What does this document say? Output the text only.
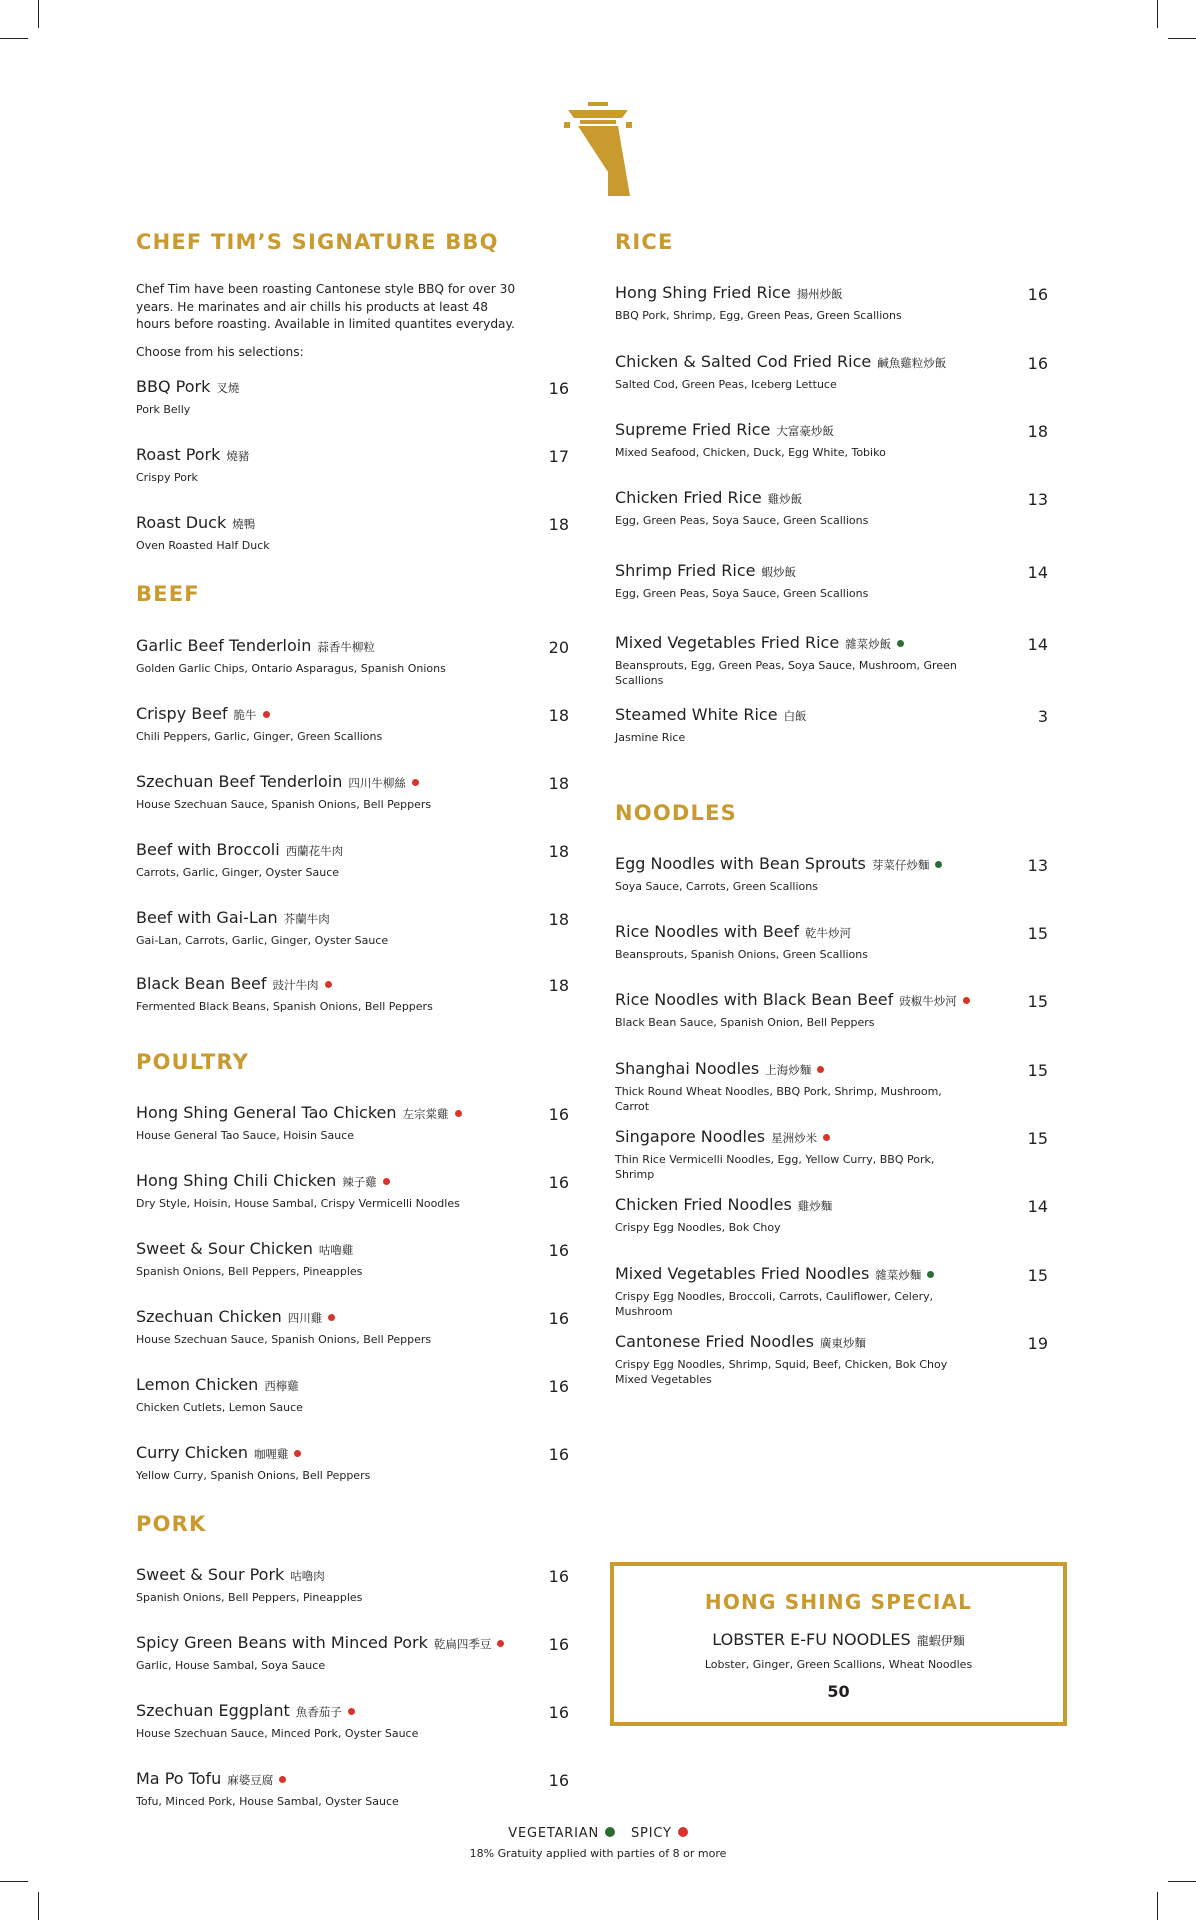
CHEF TIM’S SIGNATURE BBQ
Chef Tim have been roasting Cantonese style BBQ for over 30 years. He marinates and air chills his products at least 48 hours before roasting. Available in limited quantites everyday.
Choose from his selections:
BBQ Pork 叉燒	16
Pork Belly
Roast Pork 燒豬	17
Crispy Pork
Roast Duck 燒鴨	18
Oven Roasted Half Duck
BEEF
Garlic Beef Tenderloin 蒜香牛柳粒	20
Golden Garlic Chips, Ontario Asparagus, Spanish Onions
Crispy Beef 脆牛	18
Chili Peppers, Garlic, Ginger, Green Scallions
Szechuan Beef Tenderloin 四川牛柳絲	18
House Szechuan Sauce, Spanish Onions, Bell Peppers
Beef with Broccoli 西蘭花牛肉	18
Carrots, Garlic, Ginger, Oyster Sauce
Beef with Gai-Lan 芥蘭牛肉	18
Gai-Lan, Carrots, Garlic, Ginger, Oyster Sauce
Black Bean Beef 豉汁牛肉	18
Fermented Black Beans, Spanish Onions, Bell Peppers
POULTRY
Hong Shing General Tao Chicken 左宗棠雞	16
House General Tao Sauce, Hoisin Sauce
Hong Shing Chili Chicken 辣子雞	16
Dry Style, Hoisin, House Sambal, Crispy Vermicelli Noodles
Sweet & Sour Chicken 咕嚕雞	16
Spanish Onions, Bell Peppers, Pineapples
Szechuan Chicken 四川雞	16
House Szechuan Sauce, Spanish Onions, Bell Peppers
Lemon Chicken 西檸雞	16
Chicken Cutlets, Lemon Sauce
Curry Chicken 咖喱雞	16
Yellow Curry, Spanish Onions, Bell Peppers
PORK
Sweet & Sour Pork 咕嚕肉	16
Spanish Onions, Bell Peppers, Pineapples
Spicy Green Beans with Minced Pork 乾扁四季豆	16
Garlic, House Sambal, Soya Sauce
Szechuan Eggplant 魚香茄子	16
House Szechuan Sauce, Minced Pork, Oyster Sauce
Ma Po Tofu 麻婆豆腐	16
Tofu, Minced Pork, House Sambal, Oyster Sauce
RICE
Hong Shing Fried Rice 揚州炒飯	16
BBQ Pork, Shrimp, Egg, Green Peas, Green Scallions
Chicken & Salted Cod Fried Rice 鹹魚雞粒炒飯	16
Salted Cod, Green Peas, Iceberg Lettuce
Supreme Fried Rice 大富豪炒飯	18
Mixed Seafood, Chicken, Duck, Egg White, Tobiko
Chicken Fried Rice 雞炒飯	13
Egg, Green Peas, Soya Sauce, Green Scallions
Shrimp Fried Rice 蝦炒飯	14
Egg, Green Peas, Soya Sauce, Green Scallions
Mixed Vegetables Fried Rice 雜菜炒飯	14
Beansprouts, Egg, Green Peas, Soya Sauce, Mushroom, Green Scallions
Steamed White Rice 白飯	3
Jasmine Rice
NOODLES
Egg Noodles with Bean Sprouts 芽菜仔炒麵	13
Soya Sauce, Carrots, Green Scallions
Rice Noodles with Beef 乾牛炒河	15
Beansprouts, Spanish Onions, Green Scallions
Rice Noodles with Black Bean Beef 豉椒牛炒河	15
Black Bean Sauce, Spanish Onion, Bell Peppers
Shanghai Noodles 上海炒麵	15
Thick Round Wheat Noodles, BBQ Pork, Shrimp, Mushroom, Carrot
Singapore Noodles 星洲炒米	15
Thin Rice Vermicelli Noodles, Egg, Yellow Curry, BBQ Pork, Shrimp
Chicken Fried Noodles 雞炒麵	14
Crispy Egg Noodles, Bok Choy
Mixed Vegetables Fried Noodles 雜菜炒麵	15
Crispy Egg Noodles, Broccoli, Carrots, Cauliflower, Celery, Mushroom
Cantonese Fried Noodles 廣東炒麵	19
Crispy Egg Noodles, Shrimp, Squid, Beef, Chicken, Bok Choy Mixed Vegetables
HONG SHING SPECIAL
LOBSTER E-FU NOODLES 龍蝦伊麵
Lobster, Ginger, Green Scallions, Wheat Noodles
50
VEGETARIAN SPICY
18% Gratuity applied with parties of 8 or more
